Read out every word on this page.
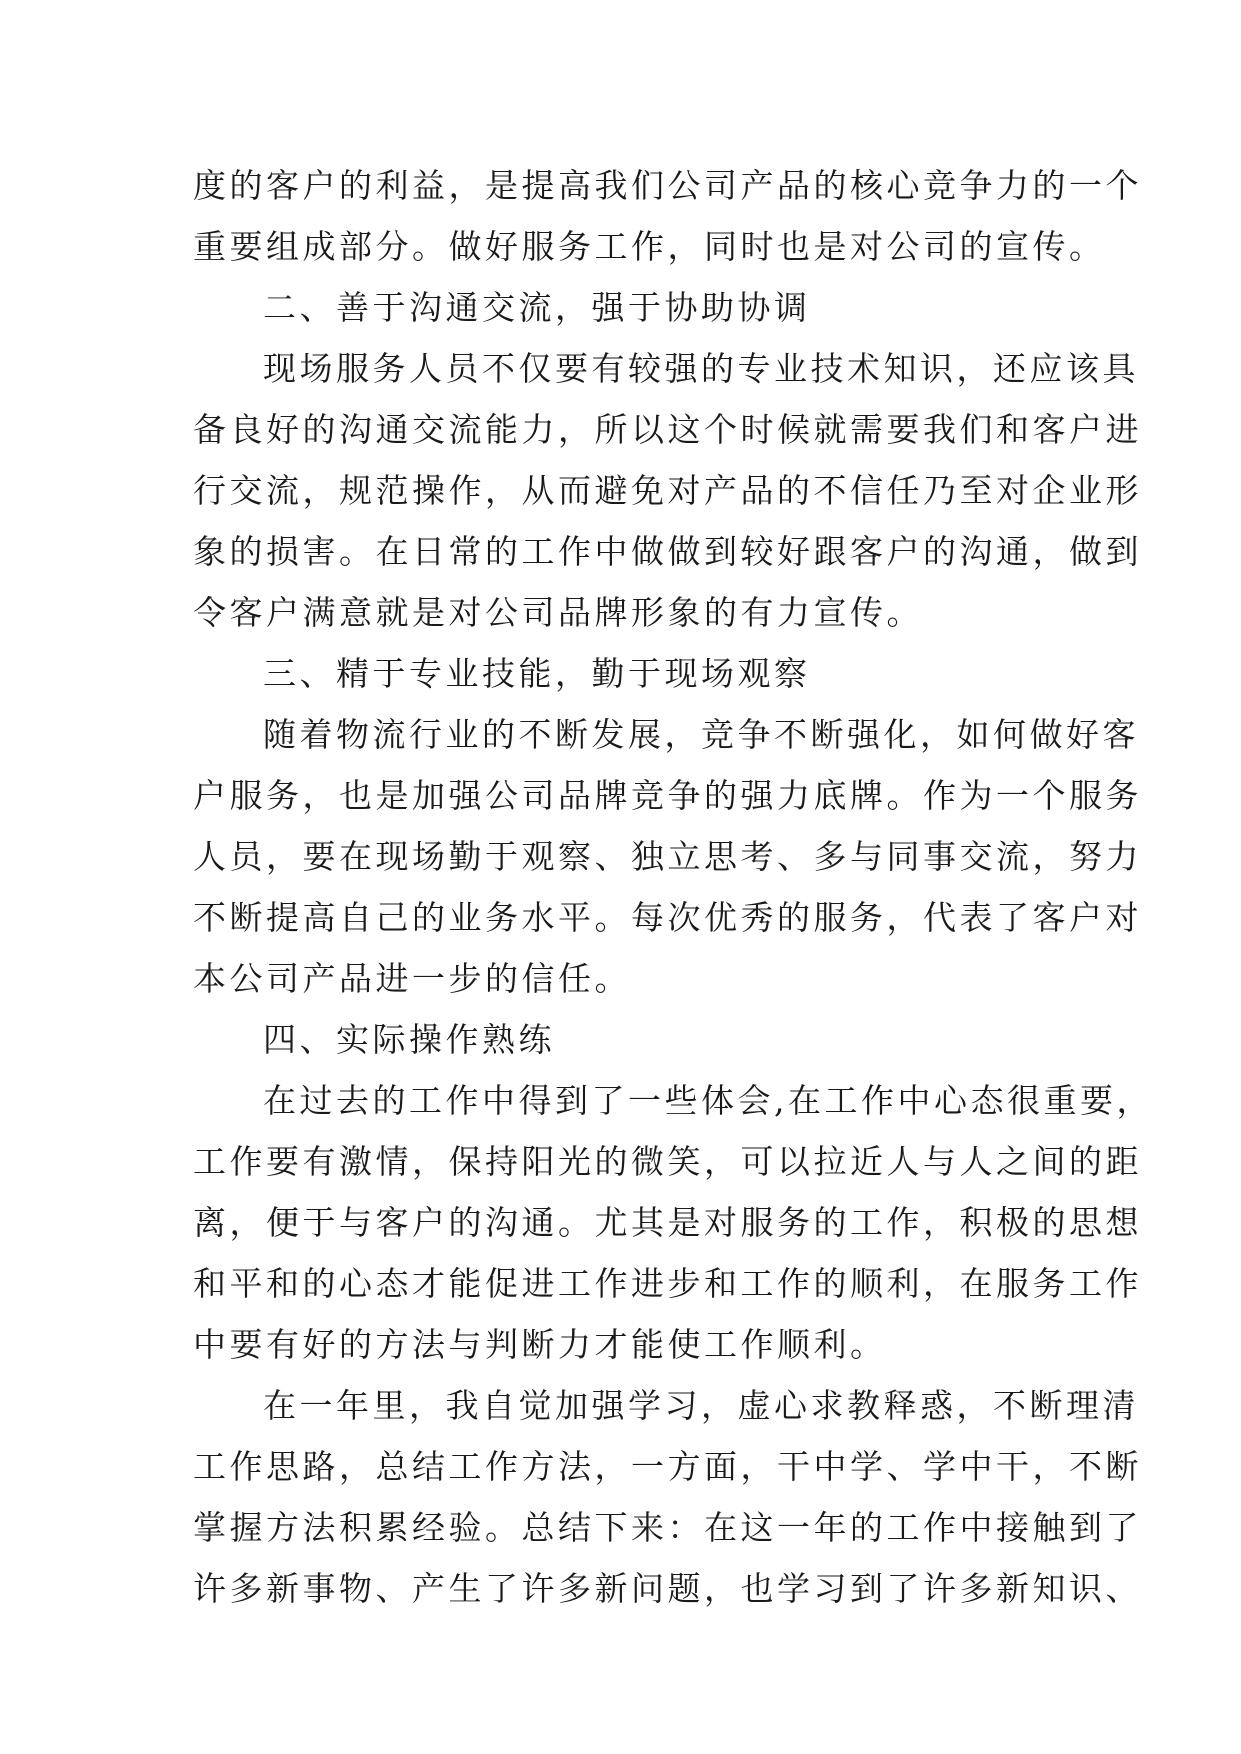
度的客户的利益，是提高我们公司产品的核心竞争力的一个
重要组成部分。做好服务工作，同时也是对公司的宣传。
二、善于沟通交流，强于协助协调
现场服务人员不仅要有较强的专业技术知识，还应该具
备良好的沟通交流能力，所以这个时候就需要我们和客户进
行交流，规范操作，从而避免对产品的不信任乃至对企业形
象的损害。在日常的工作中做做到较好跟客户的沟通，做到
令客户满意就是对公司品牌形象的有力宣传。
三、精于专业技能，勤于现场观察
随着物流行业的不断发展，竞争不断强化，如何做好客
户服务，也是加强公司品牌竞争的强力底牌。作为一个服务
人员，要在现场勤于观察、独立思考、多与同事交流，努力
不断提高自己的业务水平。每次优秀的服务，代表了客户对
本公司产品进一步的信任。
四、实际操作熟练
在过去的工作中得到了一些体会,在工作中心态很重要，
工作要有激情，保持阳光的微笑，可以拉近人与人之间的距
离，便于与客户的沟通。尤其是对服务的工作，积极的思想
和平和的心态才能促进工作进步和工作的顺利，在服务工作
中要有好的方法与判断力才能使工作顺利。
在一年里，我自觉加强学习，虚心求教释惑，不断理清
工作思路，总结工作方法，一方面，干中学、学中干，不断
掌握方法积累经验。总结下来：在这一年的工作中接触到了
许多新事物、产生了许多新问题，也学习到了许多新知识、
